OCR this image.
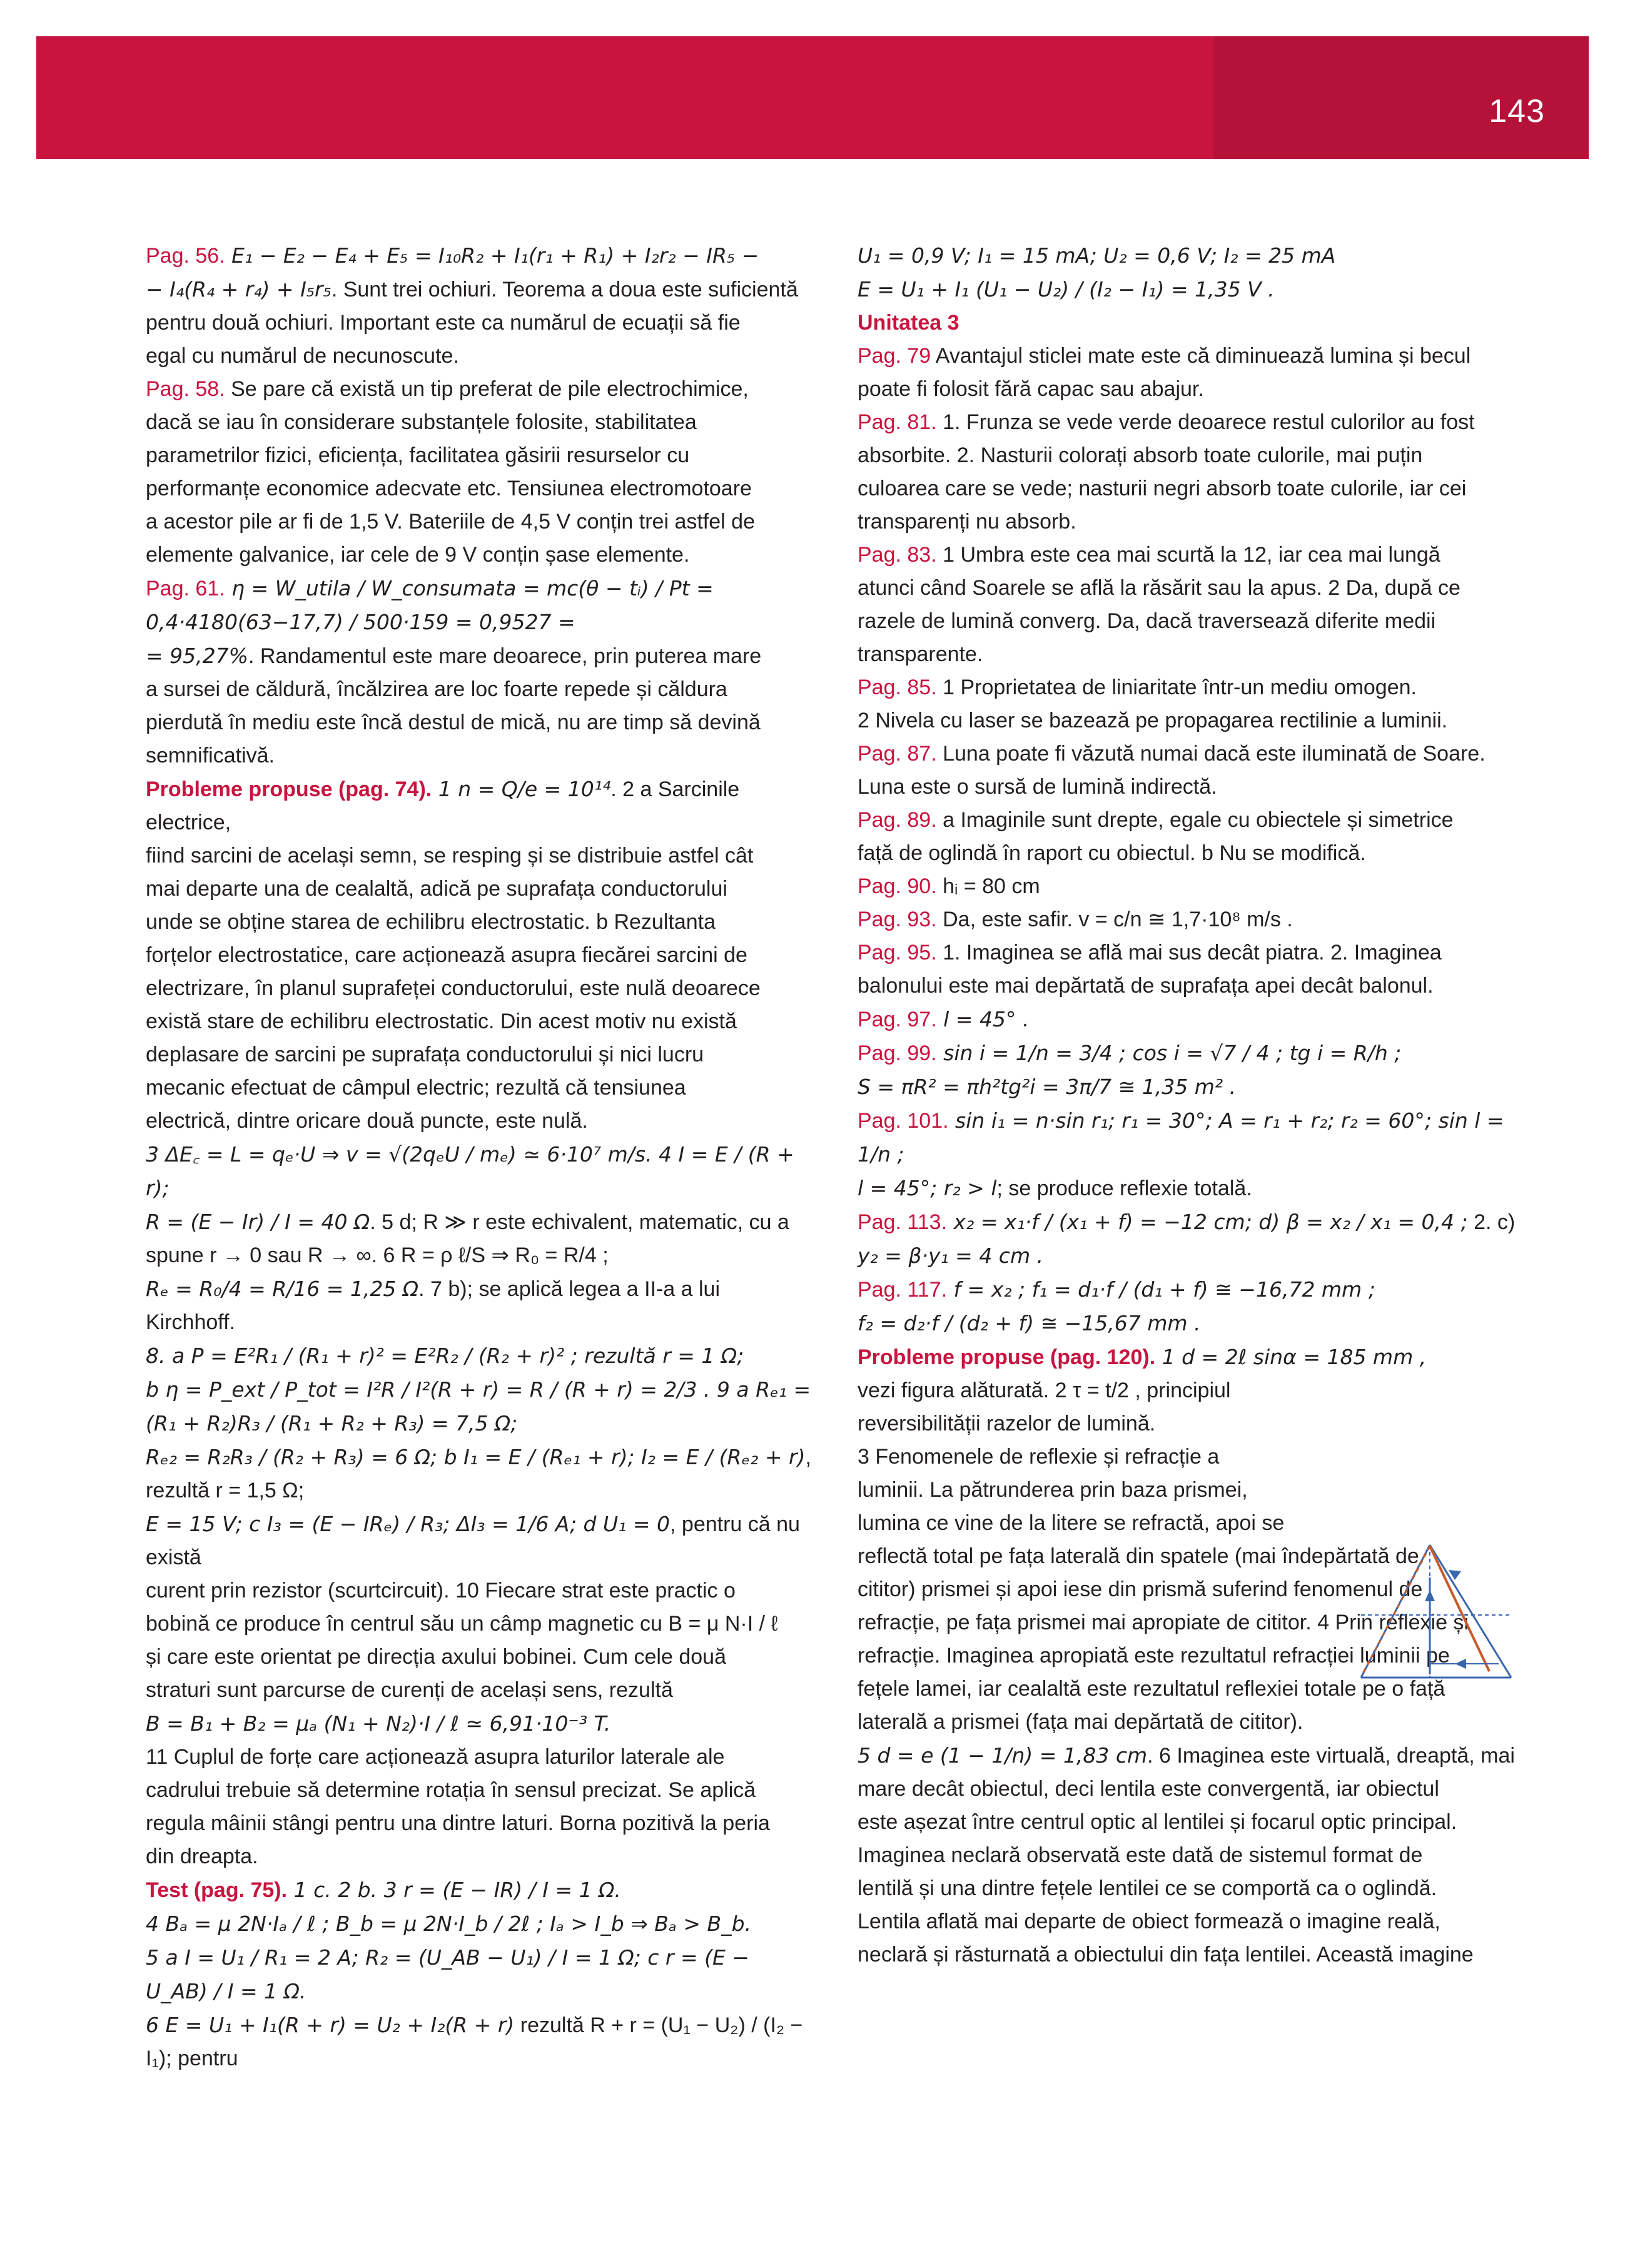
143

Pag. 56. E₁ − E₂ − E₄ + E₅ = I₁₀R₂ + I₁(r₁ + R₁) + I₂r₂ − IR₅ −

− I₄(R₄ + r₄) + I₅r₅. Sunt trei ochiuri. Teorema a doua este suficientă

pentru două ochiuri. Important este ca numărul de ecuații să fie

egal cu numărul de necunoscute.

Pag. 58. Se pare că există un tip preferat de pile electrochimice,

dacă se iau în considerare substanțele folosite, stabilitatea

parametrilor fizici, eficiența, facilitatea găsirii resurselor cu

performanțe economice adecvate etc. Tensiunea electromotoare

a acestor pile ar fi de 1,5 V. Bateriile de 4,5 V conțin trei astfel de

elemente galvanice, iar cele de 9 V conțin șase elemente.

Pag. 61. η = W_utila / W_consumata = mc(θ − tᵢ) / Pt = 0,4·4180(63−17,7) / 500·159 = 0,9527 =

= 95,27%. Randamentul este mare deoarece, prin puterea mare

a sursei de căldură, încălzirea are loc foarte repede și căldura

pierdută în mediu este încă destul de mică, nu are timp să devină

semnificativă.

Probleme propuse (pag. 74). 1 n = Q/e = 10¹⁴. 2 a Sarcinile electrice,

fiind sarcini de același semn, se resping și se distribuie astfel cât

mai departe una de cealaltă, adică pe suprafața conductorului

unde se obține starea de echilibru electrostatic. b Rezultanta

forțelor electrostatice, care acționează asupra fiecărei sarcini de

electrizare, în planul suprafeței conductorului, este nulă deoarece

există stare de echilibru electrostatic. Din acest motiv nu există

deplasare de sarcini pe suprafața conductorului și nici lucru

mecanic efectuat de câmpul electric; rezultă că tensiunea

electrică, dintre oricare două puncte, este nulă.

3 ΔE꜀ = L = qₑ·U ⇒ v = √(2qₑU / mₑ) ≃ 6·10⁷ m/s. 4 I = E / (R + r);

R = (E − Ir) / I = 40 Ω. 5 d; R ≫ r este echivalent, matematic, cu a

spune r → 0 sau R → ∞. 6 R = ρ ℓ/S ⇒ R₀ = R/4 ;

Rₑ = R₀/4 = R/16 = 1,25 Ω. 7 b); se aplică legea a II-a a lui Kirchhoff.

8. a P = E²R₁ / (R₁ + r)² = E²R₂ / (R₂ + r)² ; rezultă r = 1 Ω;

b η = P_ext / P_tot = I²R / I²(R + r) = R / (R + r) = 2/3 . 9 a Rₑ₁ = (R₁ + R₂)R₃ / (R₁ + R₂ + R₃) = 7,5 Ω;

Rₑ₂ = R₂R₃ / (R₂ + R₃) = 6 Ω; b I₁ = E / (Rₑ₁ + r); I₂ = E / (Rₑ₂ + r), rezultă r = 1,5 Ω;

E = 15 V; c I₃ = (E − IRₑ) / R₃; ΔI₃ = 1/6 A; d U₁ = 0, pentru că nu există

curent prin rezistor (scurtcircuit). 10 Fiecare strat este practic o

bobină ce produce în centrul său un câmp magnetic cu B = μ N·I / ℓ

și care este orientat pe direcția axului bobinei. Cum cele două

straturi sunt parcurse de curenți de același sens, rezultă

B = B₁ + B₂ = μₐ (N₁ + N₂)·I / ℓ ≃ 6,91·10⁻³ T.

11 Cuplul de forțe care acționează asupra laturilor laterale ale

cadrului trebuie să determine rotația în sensul precizat. Se aplică

regula mâinii stângi pentru una dintre laturi. Borna pozitivă la peria

din dreapta.

Test (pag. 75). 1 c. 2 b. 3 r = (E − IR) / I = 1 Ω.

4 Bₐ = μ 2N·Iₐ / ℓ ; B_b = μ 2N·I_b / 2ℓ ; Iₐ > I_b ⇒ Bₐ > B_b.

5 a I = U₁ / R₁ = 2 A; R₂ = (U_AB − U₁) / I = 1 Ω; c r = (E − U_AB) / I = 1 Ω.

6 E = U₁ + I₁(R + r) = U₂ + I₂(R + r) rezultă R + r = (U₁ − U₂) / (I₂ − I₁); pentru

U₁ = 0,9 V; I₁ = 15 mA; U₂ = 0,6 V; I₂ = 25 mA

E = U₁ + I₁ (U₁ − U₂) / (I₂ − I₁) = 1,35 V .

Unitatea 3

Pag. 79 Avantajul sticlei mate este că diminuează lumina și becul

poate fi folosit fără capac sau abajur.

Pag. 81. 1. Frunza se vede verde deoarece restul culorilor au fost

absorbite. 2. Nasturii colorați absorb toate culorile, mai puțin

culoarea care se vede; nasturii negri absorb toate culorile, iar cei

transparenți nu absorb.

Pag. 83. 1 Umbra este cea mai scurtă la 12, iar cea mai lungă

atunci când Soarele se află la răsărit sau la apus. 2 Da, după ce

razele de lumină converg. Da, dacă traversează diferite medii

transparente.

Pag. 85. 1 Proprietatea de liniaritate într-un mediu omogen.

2 Nivela cu laser se bazează pe propagarea rectilinie a luminii.

Pag. 87. Luna poate fi văzută numai dacă este iluminată de Soare.

Luna este o sursă de lumină indirectă.

Pag. 89. a Imaginile sunt drepte, egale cu obiectele și simetrice

față de oglindă în raport cu obiectul. b Nu se modifică.

Pag. 90. hᵢ = 80 cm

Pag. 93. Da, este safir. v = c/n ≅ 1,7·10⁸ m/s .

Pag. 95. 1. Imaginea se află mai sus decât piatra. 2. Imaginea

balonului este mai depărtată de suprafața apei decât balonul.

Pag. 97. l = 45° .

Pag. 99. sin i = 1/n = 3/4 ; cos i = √7 / 4 ; tg i = R/h ;

S = πR² = πh²tg²i = 3π/7 ≅ 1,35 m² .

Pag. 101. sin i₁ = n·sin r₁; r₁ = 30°; A = r₁ + r₂; r₂ = 60°; sin l = 1/n ;

l = 45°; r₂ > l; se produce reflexie totală.

Pag. 113. x₂ = x₁·f / (x₁ + f) = −12 cm; d) β = x₂ / x₁ = 0,4 ; 2. c)

y₂ = β·y₁ = 4 cm .

Pag. 117. f = x₂ ; f₁ = d₁·f / (d₁ + f) ≅ −16,72 mm ;

f₂ = d₂·f / (d₂ + f) ≅ −15,67 mm .

Probleme propuse (pag. 120). 1 d = 2ℓ sinα = 185 mm ,

vezi figura alăturată. 2 τ = t/2 , principiul

reversibilității razelor de lumină.

3 Fenomenele de reflexie și refracție a

luminii. La pătrunderea prin baza prismei,

lumina ce vine de la litere se refractă, apoi se

reflectă total pe fața laterală din spatele (mai îndepărtată de

cititor) prismei și apoi iese din prismă suferind fenomenul de

refracție, pe fața prismei mai apropiate de cititor. 4 Prin reflexie și

refracție. Imaginea apropiată este rezultatul refracției luminii pe

fețele lamei, iar cealaltă este rezultatul reflexiei totale pe o față

laterală a prismei (fața mai depărtată de cititor).

5 d = e (1 − 1/n) = 1,83 cm. 6 Imaginea este virtuală, dreaptă, mai

mare decât obiectul, deci lentila este convergentă, iar obiectul

este așezat între centrul optic al lentilei și focarul optic principal.

Imaginea neclară observată este dată de sistemul format de

lentilă și una dintre fețele lentilei ce se comportă ca o oglindă.

Lentila aflată mai departe de obiect formează o imagine reală,

neclară și răsturnată a obiectului din fața lentilei. Această imagine
